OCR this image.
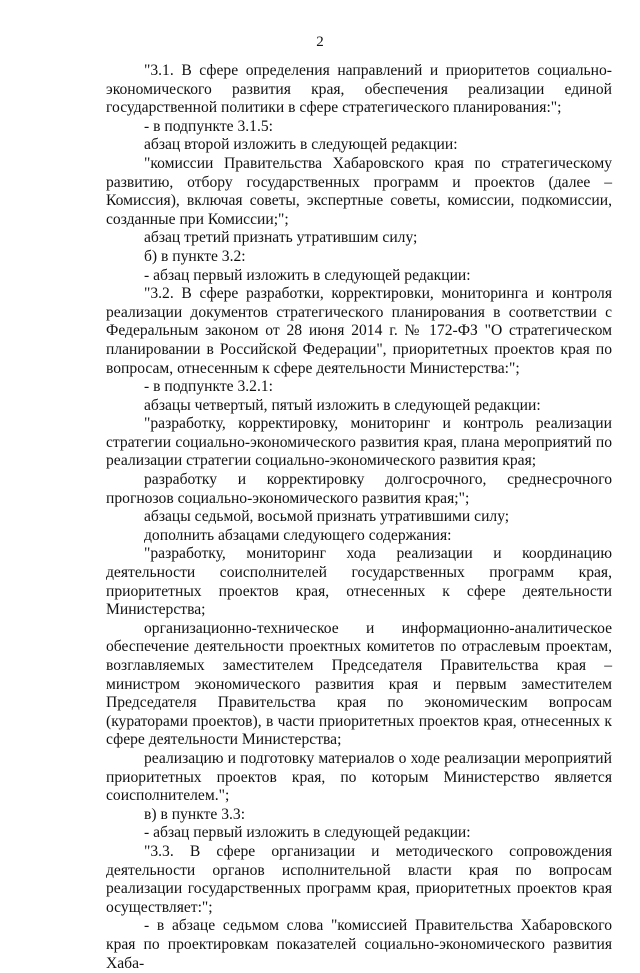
2

"3.1. В сфере определения направлений и приоритетов социально-экономического развития края, обеспечения реализации единой государственной политики в сфере стратегического планирования:";

- в подпункте 3.1.5:

абзац второй изложить в следующей редакции:

"комиссии Правительства Хабаровского края по стратегическому развитию, отбору государственных программ и проектов (далее – Комиссия), включая советы, экспертные советы, комиссии, подкомиссии, созданные при Комиссии;";

абзац третий признать утратившим силу;

б) в пункте 3.2:

- абзац первый изложить в следующей редакции:

"3.2. В сфере разработки, корректировки, мониторинга и контроля реализации документов стратегического планирования в соответствии с Федеральным законом от 28 июня 2014 г. № 172-ФЗ "О стратегическом планировании в Российской Федерации", приоритетных проектов края по вопросам, отнесенным к сфере деятельности Министерства:";

- в подпункте 3.2.1:

абзацы четвертый, пятый изложить в следующей редакции:

"разработку, корректировку, мониторинг и контроль реализации стратегии социально-экономического развития края, плана мероприятий по реализации стратегии социально-экономического развития края;

разработку и корректировку долгосрочного, среднесрочного прогнозов социально-экономического развития края;";

абзацы седьмой, восьмой признать утратившими силу;

дополнить абзацами следующего содержания:

"разработку, мониторинг хода реализации и координацию деятельности соисполнителей государственных программ края, приоритетных проектов края, отнесенных к сфере деятельности Министерства;

организационно-техническое и информационно-аналитическое обеспечение деятельности проектных комитетов по отраслевым проектам, возглавляемых заместителем Председателя Правительства края – министром экономического развития края и первым заместителем Председателя Правительства края по экономическим вопросам (кураторами проектов), в части приоритетных проектов края, отнесенных к сфере деятельности Министерства;

реализацию и подготовку материалов о ходе реализации мероприятий приоритетных проектов края, по которым Министерство является соисполнителем.";

в) в пункте 3.3:

- абзац первый изложить в следующей редакции:

"3.3. В сфере организации и методического сопровождения деятельности органов исполнительной власти края по вопросам реализации государственных программ края, приоритетных проектов края осуществляет:";

- в абзаце седьмом слова "комиссией Правительства Хабаровского края по проектировкам показателей социально-экономического развития Хаба-
